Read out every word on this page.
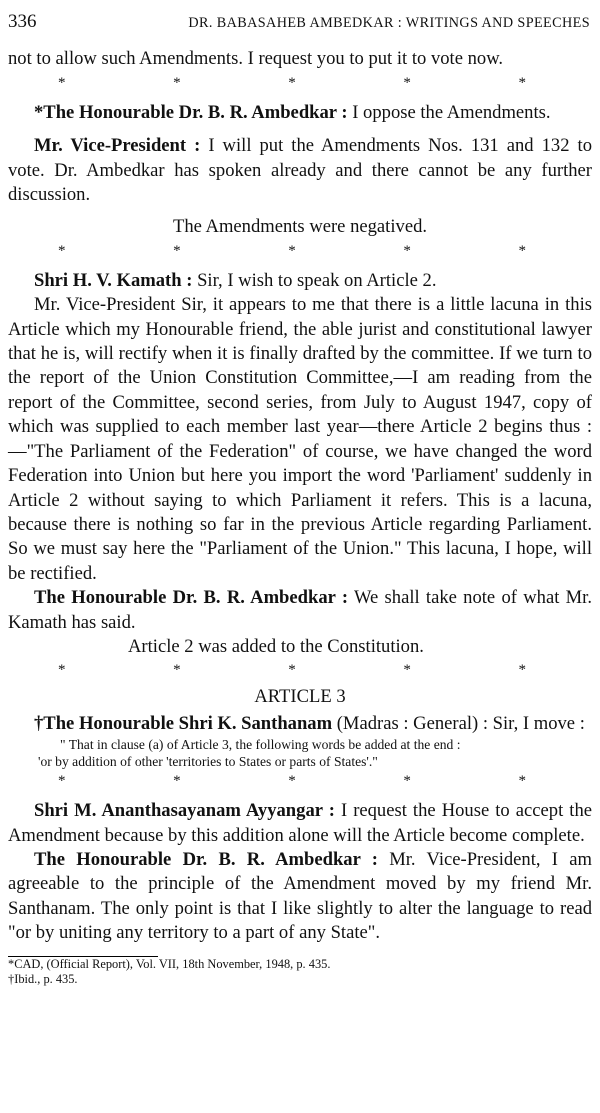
336	DR. BABASAHEB AMBEDKAR : WRITINGS AND SPEECHES

not to allow such Amendments. I request you to put it to vote now.

*	*	*	*	*

*The Honourable Dr. B. R. Ambedkar : I oppose the Amendments.

Mr. Vice-President : I will put the Amendments Nos. 131 and 132 to vote. Dr. Ambedkar has spoken already and there cannot be any further discussion.

The Amendments were negatived.

*	*	*	*	*

Shri H. V. Kamath : Sir, I wish to speak on Article 2.

Mr. Vice-President Sir, it appears to me that there is a little lacuna in this Article which my Honourable friend, the able jurist and constitutional lawyer that he is, will rectify when it is finally drafted by the committee. If we turn to the report of the Union Constitution Committee,—I am reading from the report of the Committee, second series, from July to August 1947, copy of which was supplied to each member last year—there Article 2 begins thus :—"The Parliament of the Federation" of course, we have changed the word Federation into Union but here you import the word 'Parliament' suddenly in Article 2 without saying to which Parliament it refers. This is a lacuna, because there is nothing so far in the previous Article regarding Parliament. So we must say here the "Parliament of the Union." This lacuna, I hope, will be rectified.

The Honourable Dr. B. R. Ambedkar : We shall take note of what Mr. Kamath has said.

Article 2 was added to the Constitution.

*	*	*	*	*

ARTICLE 3

†The Honourable Shri K. Santhanam (Madras : General) : Sir, I move :

" That in clause (a) of Article 3, the following words be added at the end :

'or by addition of other 'territories to States or parts of States'."

*	*	*	*	*

Shri M. Ananthasayanam Ayyangar : I request the House to accept the Amendment because by this addition alone will the Article become complete.

The Honourable Dr. B. R. Ambedkar : Mr. Vice-President, I am agreeable to the principle of the Amendment moved by my friend Mr. Santhanam. The only point is that I like slightly to alter the language to read "or by uniting any territory to a part of any State".

*CAD, (Official Report), Vol. VII, 18th November, 1948, p. 435.

†Ibid., p. 435.
